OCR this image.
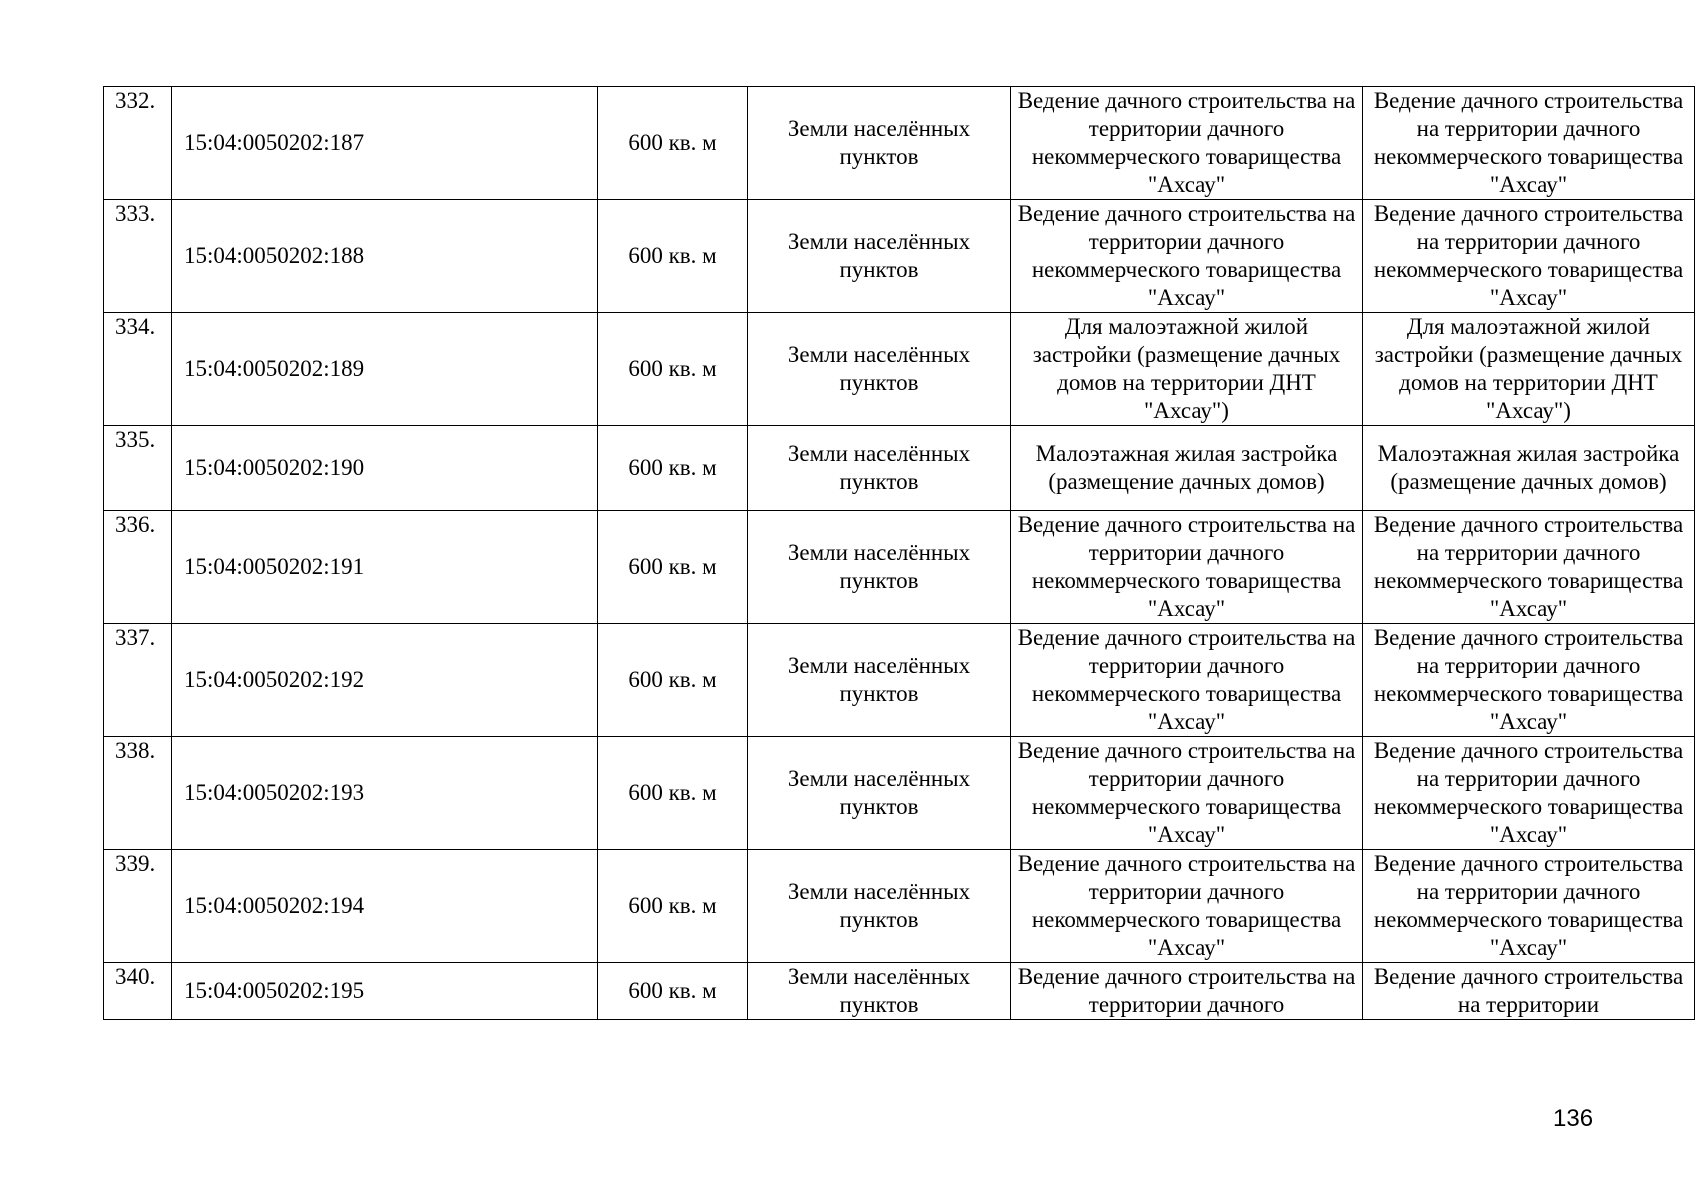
332.	15:04:0050202:187	600 кв. м	Земли населённых пунктов	Ведение дачного строительства на территории дачного некоммерческого товарищества "Ахсау"	Ведение дачного строительства на территории дачного некоммерческого товарищества "Ахсау"
333.	15:04:0050202:188	600 кв. м	Земли населённых пунктов	Ведение дачного строительства на территории дачного некоммерческого товарищества "Ахсау"	Ведение дачного строительства на территории дачного некоммерческого товарищества "Ахсау"
334.	15:04:0050202:189	600 кв. м	Земли населённых пунктов	Для малоэтажной жилой застройки (размещение дачных домов на территории ДНТ "Ахсау")	Для малоэтажной жилой застройки (размещение дачных домов на территории ДНТ "Ахсау")
335.	15:04:0050202:190	600 кв. м	Земли населённых пунктов	Малоэтажная жилая застройка (размещение дачных домов)	Малоэтажная жилая застройка (размещение дачных домов)
336.	15:04:0050202:191	600 кв. м	Земли населённых пунктов	Ведение дачного строительства на территории дачного некоммерческого товарищества "Ахсау"	Ведение дачного строительства на территории дачного некоммерческого товарищества "Ахсау"
337.	15:04:0050202:192	600 кв. м	Земли населённых пунктов	Ведение дачного строительства на территории дачного некоммерческого товарищества "Ахсау"	Ведение дачного строительства на территории дачного некоммерческого товарищества "Ахсау"
338.	15:04:0050202:193	600 кв. м	Земли населённых пунктов	Ведение дачного строительства на территории дачного некоммерческого товарищества "Ахсау"	Ведение дачного строительства на территории дачного некоммерческого товарищества "Ахсау"
339.	15:04:0050202:194	600 кв. м	Земли населённых пунктов	Ведение дачного строительства на территории дачного некоммерческого товарищества "Ахсау"	Ведение дачного строительства на территории дачного некоммерческого товарищества "Ахсау"
340.	15:04:0050202:195	600 кв. м	Земли населённых пунктов	Ведение дачного строительства на территории дачного	Ведение дачного строительства на территории
136
